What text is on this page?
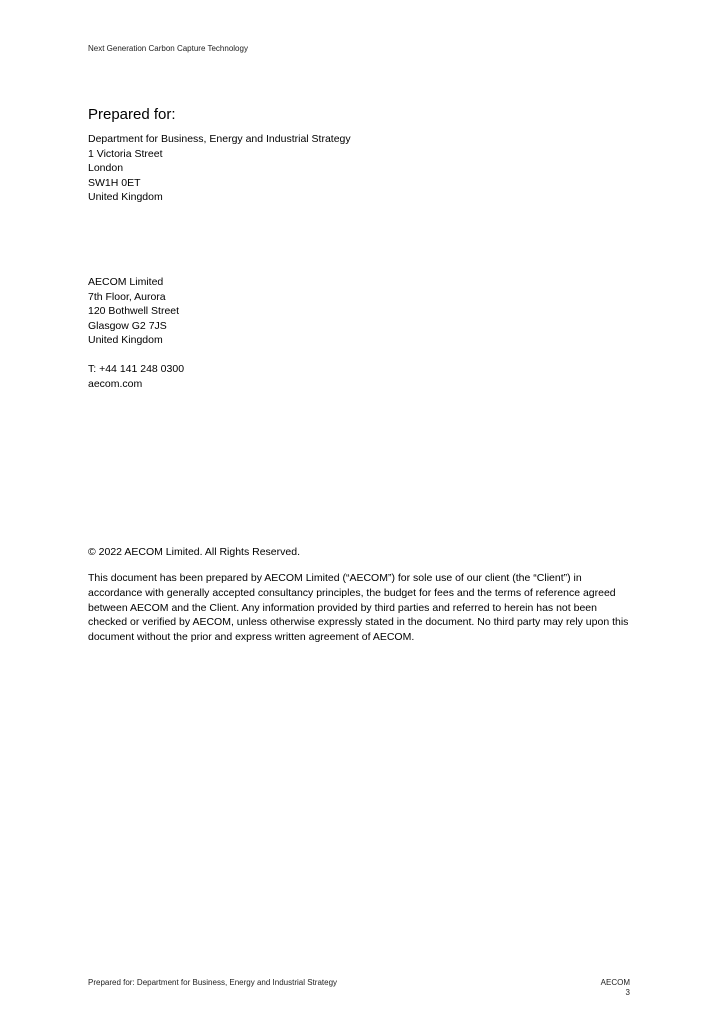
Next Generation Carbon Capture Technology
Prepared for:
Department for Business, Energy and Industrial Strategy
1 Victoria Street
London
SW1H 0ET
United Kingdom
AECOM Limited
7th Floor, Aurora
120 Bothwell Street
Glasgow G2 7JS
United Kingdom
T: +44 141 248 0300
aecom.com
© 2022 AECOM Limited. All Rights Reserved.
This document has been prepared by AECOM Limited (“AECOM”) for sole use of our client (the “Client”) in accordance with generally accepted consultancy principles, the budget for fees and the terms of reference agreed between AECOM and the Client. Any information provided by third parties and referred to herein has not been checked or verified by AECOM, unless otherwise expressly stated in the document. No third party may rely upon this document without the prior and express written agreement of AECOM.
Prepared for: Department for Business, Energy and Industrial Strategy	AECOM
3
